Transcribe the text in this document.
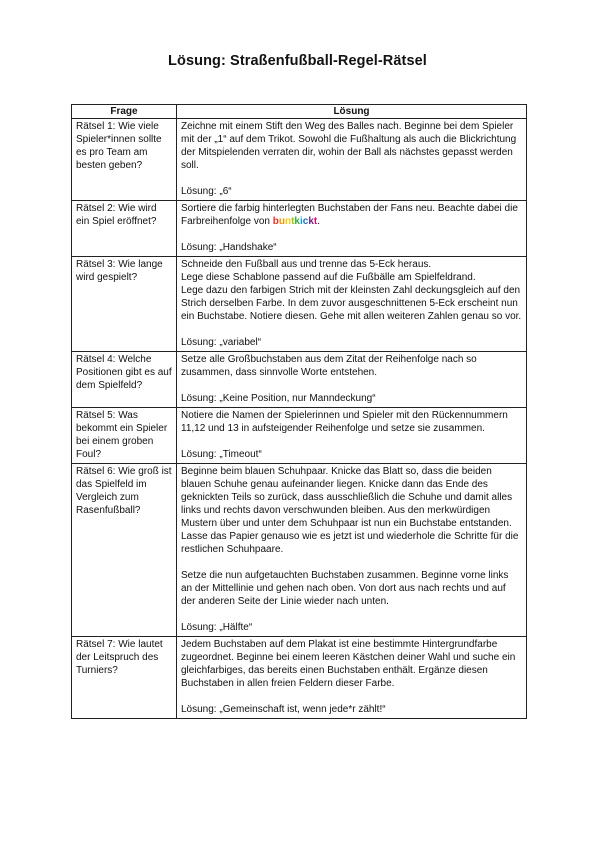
Lösung: Straßenfußball-Regel-Rätsel
Frage	Lösung
Rätsel 1: Wie viele Spieler*innen sollte es pro Team am besten geben?	Zeichne mit einem Stift den Weg des Balles nach. Beginne bei dem Spieler mit der „1“ auf dem Trikot. Sowohl die Fußhaltung als auch die Blickrichtung der Mitspielenden verraten dir, wohin der Ball als nächstes gepasst werden soll.
Lösung: „6“

Rätsel 2: Wie wird ein Spiel eröffnet?	Sortiere die farbig hinterlegten Buchstaben der Fans neu. Beachte dabei die Farbreihenfolge von buntkickt.
Lösung: „Handshake“

Rätsel 3: Wie lange wird gespielt?	Schneide den Fußball aus und trenne das 5-Eck heraus.
Lege diese Schablone passend auf die Fußbälle am Spielfeldrand.
Lege dazu den farbigen Strich mit der kleinsten Zahl deckungsgleich auf den Strich derselben Farbe. In dem zuvor ausgeschnittenen 5-Eck erscheint nun ein Buchstabe. Notiere diesen. Gehe mit allen weiteren Zahlen genau so vor.
Lösung: „variabel“

Rätsel 4: Welche Positionen gibt es auf dem Spielfeld?	Setze alle Großbuchstaben aus dem Zitat der Reihenfolge nach so zusammen, dass sinnvolle Worte entstehen.
Lösung: „Keine Position, nur Manndeckung“

Rätsel 5: Was bekommt ein Spieler bei einem groben Foul?	Notiere die Namen der Spielerinnen und Spieler mit den Rückennummern 11,12 und 13 in aufsteigender Reihenfolge und setze sie zusammen.
Lösung: „Timeout“

Rätsel 6: Wie groß ist das Spielfeld im Vergleich zum Rasenfußball?	Beginne beim blauen Schuhpaar. Knicke das Blatt so, dass die beiden blauen Schuhe genau aufeinander liegen. Knicke dann das Ende des geknickten Teils so zurück, dass ausschließlich die Schuhe und damit alles links und rechts davon verschwunden bleiben. Aus den merkwürdigen Mustern über und unter dem Schuhpaar ist nun ein Buchstabe entstanden. Lasse das Papier genauso wie es jetzt ist und wiederhole die Schritte für die restlichen Schuhpaare.
Setze die nun aufgetauchten Buchstaben zusammen. Beginne vorne links an der Mittellinie und gehen nach oben. Von dort aus nach rechts und auf der anderen Seite der Linie wieder nach unten.
Lösung: „Hälfte“

Rätsel 7: Wie lautet der Leitspruch des Turniers?	Jedem Buchstaben auf dem Plakat ist eine bestimmte Hintergrundfarbe zugeordnet. Beginne bei einem leeren Kästchen deiner Wahl und suche ein gleichfarbiges, das bereits einen Buchstaben enthält. Ergänze diesen Buchstaben in allen freien Feldern dieser Farbe.
Lösung: „Gemeinschaft ist, wenn jede*r zählt!“
